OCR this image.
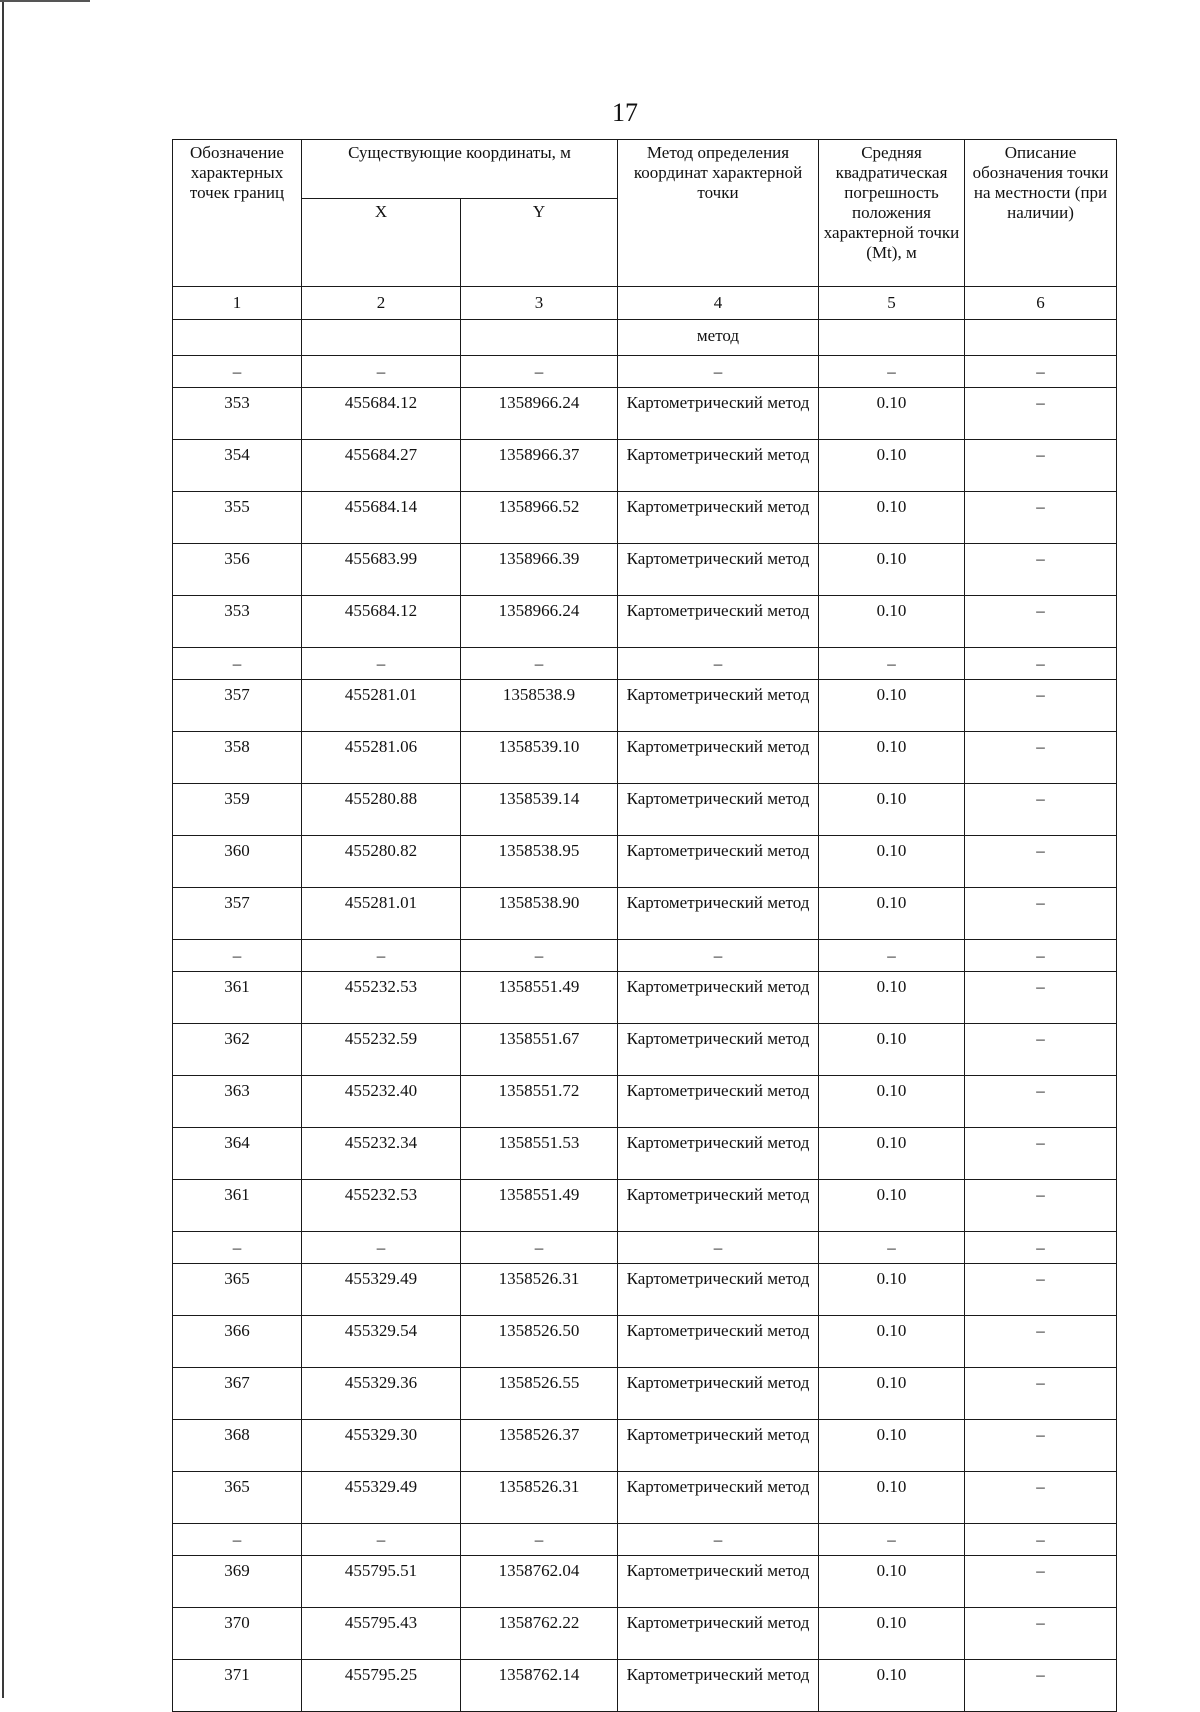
17
Обозначение характерных точек границ	Существующие координаты, м		Метод определения координат характерной точки	Средняя квадратическая погрешность положения характерной точки (Mt), м	Описание обозначения точки на местности (при наличии)
	X	Y			
1	2	3	4	5	6
			метод		
–	–	–	–	–	–
353	455684.12	1358966.24	Картометрический метод	0.10	–
354	455684.27	1358966.37	Картометрический метод	0.10	–
355	455684.14	1358966.52	Картометрический метод	0.10	–
356	455683.99	1358966.39	Картометрический метод	0.10	–
353	455684.12	1358966.24	Картометрический метод	0.10	–
–	–	–	–	–	–
357	455281.01	1358538.9	Картометрический метод	0.10	–
358	455281.06	1358539.10	Картометрический метод	0.10	–
359	455280.88	1358539.14	Картометрический метод	0.10	–
360	455280.82	1358538.95	Картометрический метод	0.10	–
357	455281.01	1358538.90	Картометрический метод	0.10	–
–	–	–	–	–	–
361	455232.53	1358551.49	Картометрический метод	0.10	–
362	455232.59	1358551.67	Картометрический метод	0.10	–
363	455232.40	1358551.72	Картометрический метод	0.10	–
364	455232.34	1358551.53	Картометрический метод	0.10	–
361	455232.53	1358551.49	Картометрический метод	0.10	–
–	–	–	–	–	–
365	455329.49	1358526.31	Картометрический метод	0.10	–
366	455329.54	1358526.50	Картометрический метод	0.10	–
367	455329.36	1358526.55	Картометрический метод	0.10	–
368	455329.30	1358526.37	Картометрический метод	0.10	–
365	455329.49	1358526.31	Картометрический метод	0.10	–
–	–	–	–	–	–
369	455795.51	1358762.04	Картометрический метод	0.10	–
370	455795.43	1358762.22	Картометрический метод	0.10	–
371	455795.25	1358762.14	Картометрический метод	0.10	–
